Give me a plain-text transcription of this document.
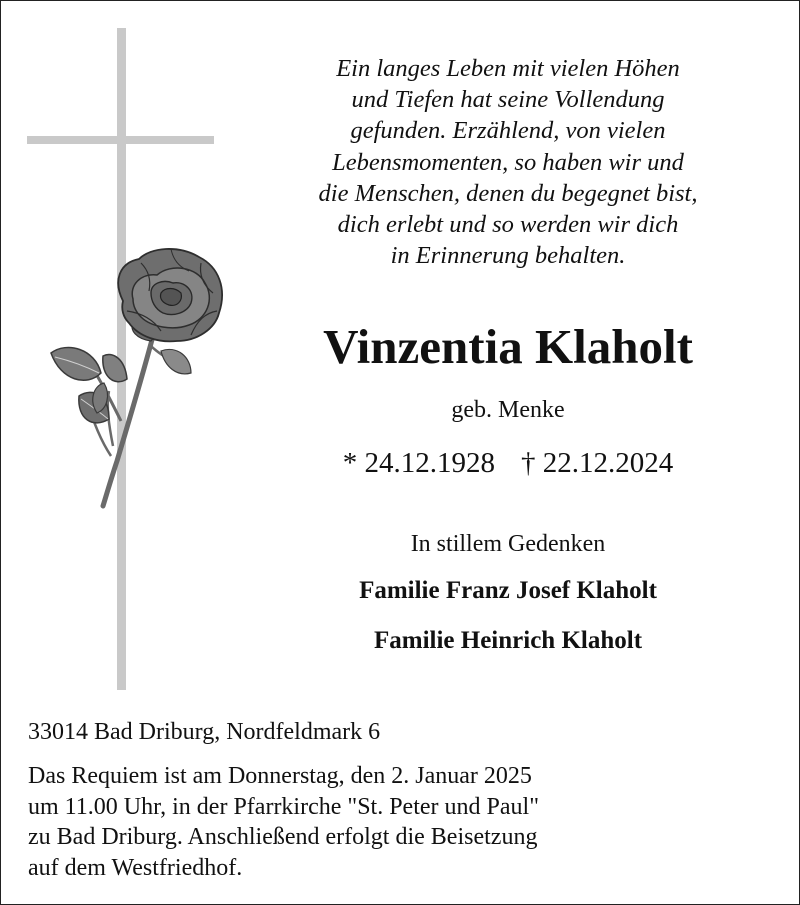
Ein langes Leben mit vielen Höhen
und Tiefen hat seine Vollendung
gefunden. Erzählend, von vielen
Lebensmomenten, so haben wir und
die Menschen, denen du begegnet bist,
dich erlebt und so werden wir dich
in Erinnerung behalten.
Vinzentia Klaholt
geb. Menke
* 24.12.1928 † 22.12.2024
In stillem Gedenken
Familie Franz Josef Klaholt
Familie Heinrich Klaholt
33014 Bad Driburg, Nordfeldmark 6
Das Requiem ist am Donnerstag, den 2. Januar 2025
um 11.00 Uhr, in der Pfarrkirche "St. Peter und Paul"
zu Bad Driburg. Anschließend erfolgt die Beisetzung
auf dem Westfriedhof.
